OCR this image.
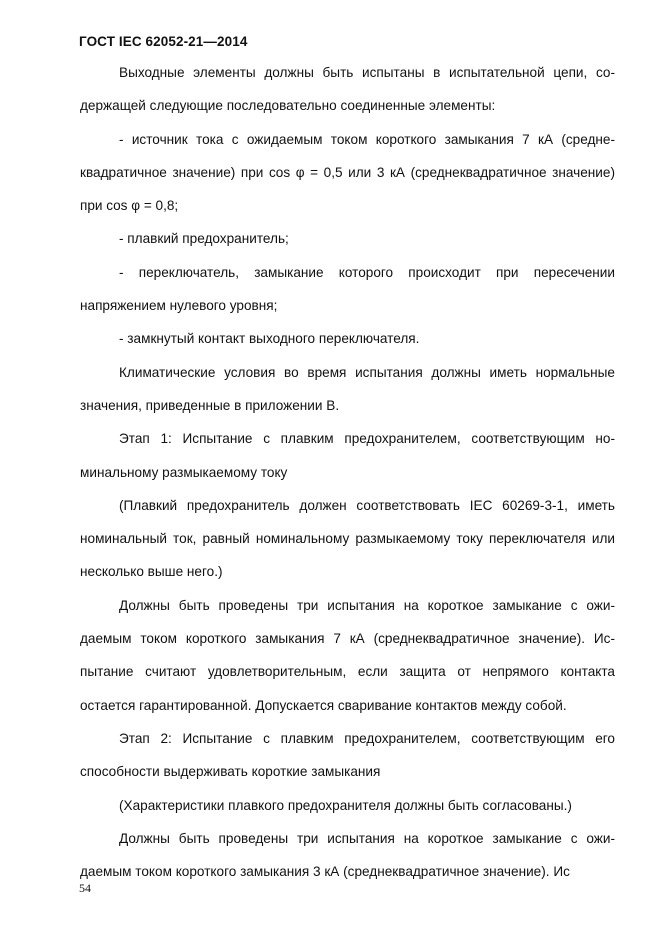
ГОСТ IEC 62052-21—2014

Выходные элементы должны быть испытаны в испытательной цепи, содержащей следующие последовательно соединенные элементы:

- источник тока с ожидаемым током короткого замыкания 7 кА (среднеквадратичное значение) при cos φ = 0,5 или 3 кА (среднеквадратичное значение) при cos φ = 0,8;

- плавкий предохранитель;

- переключатель, замыкание которого происходит при пересечении напряжением нулевого уровня;

- замкнутый контакт выходного переключателя.

Климатические условия во время испытания должны иметь нормальные значения, приведенные в приложении В.

Этап 1: Испытание с плавким предохранителем, соответствующим номинальному размыкаемому току

(Плавкий предохранитель должен соответствовать IEC 60269-3-1, иметь номинальный ток, равный номинальному размыкаемому току переключателя или несколько выше него.)

Должны быть проведены три испытания на короткое замыкание с ожидаемым током короткого замыкания 7 кА (среднеквадратичное значение). Испытание считают удовлетворительным, если защита от непрямого контакта остается гарантированной. Допускается сваривание контактов между собой.

Этап 2: Испытание с плавким предохранителем, соответствующим его способности выдерживать короткие замыкания

(Характеристики плавкого предохранителя должны быть согласованы.)

Должны быть проведены три испытания на короткое замыкание с ожидаемым током короткого замыкания 3 кА (среднеквадратичное значение). Ис

54
